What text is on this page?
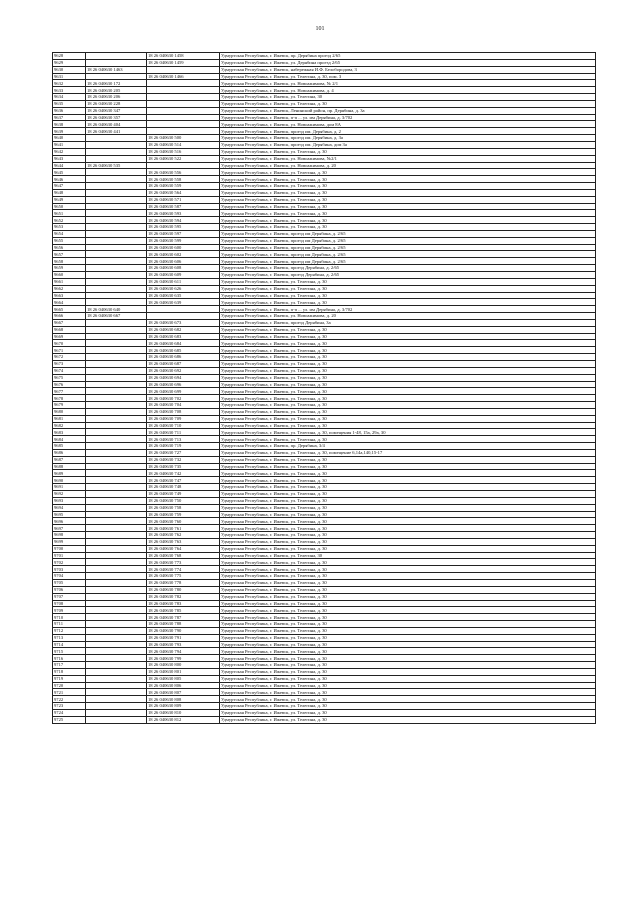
101
9628		18 26 040630 1458	Удмуртская Республика, г. Ижевск, пр. Дерябина проезд 2/65
9629		18 26 040630 1459	Удмуртская Республика, г. Ижевск, ул. Дерябина проезд 2/65
9630	18 26 040630 1463		Удмуртская Республика, г. Ижевск, набережная И.Ф. Белобородова, 3
9631		18 26 040630 1466	Удмуртская Республика, г. Ижевск, ул. Телегина, д. 30, пом. 3
9632	18 26 040630 172		Удмуртская Республика, г. Ижевск, ул. Новоажимова, № 2/1
9633	18 26 040630 205		Удмуртская Республика, г. Ижевск, ул. Новоажимова, д. 4
9634	18 26 040630 206		Удмуртская Республика, г. Ижевск, ул. Телегина, 30
9635	18 26 040630 228		Удмуртская Республика, г. Ижевск, ул. Телегина, д. 30
9636	18 26 040630 347		Удмуртская Республика, г. Ижевск, Ленинский район, пр. Дерябина, д. 3а
9637	18 26 040630 357		Удмуртская Республика, г. Ижевск, п-п ... ул. им Дерябина, д. 3/702
9638	18 26 040630 404		Удмуртская Республика, г. Ижевск, ул. Новоажимова, дом 8А
9639	18 26 040630 441		Удмуртская Республика, г. Ижевск, проезд им. Дерябина, д. 2
9640		18 26 040630 500	Удмуртская Республика, г. Ижевск, проезд им. Дерябина, д. 3а
9641		18 26 040630 514	Удмуртская Республика, г. Ижевск, проезд им. Дерябина, дом 3а
9642		18 26 040630 516	Удмуртская Республика, г. Ижевск, ул. Телегина, д. 30
9643		18 26 040630 522	Удмуртская Республика, г. Ижевск, ул. Новоажимова, №2/1
9644	18 26 040630 535		Удмуртская Республика, г. Ижевск, ул. Новоажимова, д. 20
9645		18 26 040630 556	Удмуртская Республика, г. Ижевск, ул. Телегина, д. 30
9646		18 26 040630 558	Удмуртская Республика, г. Ижевск, ул. Телегина, д. 30
9647		18 26 040630 559	Удмуртская Республика, г. Ижевск, ул. Телегина, д. 30
9648		18 26 040630 564	Удмуртская Республика, г. Ижевск, ул. Телегина, д. 30
9649		18 26 040630 571	Удмуртская Республика, г. Ижевск, ул. Телегина, д. 30
9650		18 26 040630 587	Удмуртская Республика, г. Ижевск, ул. Телегина, д. 30
9651		18 26 040630 593	Удмуртская Республика, г. Ижевск, ул. Телегина, д. 30
9652		18 26 040630 594	Удмуртская Республика, г. Ижевск, ул. Телегина, д. 30
9653		18 26 040630 595	Удмуртская Республика, г. Ижевск, ул. Телегина, д. 30
9654		18 26 040630 597	Удмуртская Республика, г. Ижевск, проезд им Дерябина, д. 2/65
9655		18 26 040630 599	Удмуртская Республика, г. Ижевск, проезд им Дерябина, д. 2/65
9656		18 26 040630 600	Удмуртская Республика, г. Ижевск, проезд им Дерябина, д. 2/65
9657		18 26 040630 602	Удмуртская Республика, г. Ижевск, проезд им Дерябина, д. 2/65
9658		18 26 040630 606	Удмуртская Республика, г. Ижевск, проезд им Дерябина, д. 2/65
9659		18 26 040630 608	Удмуртская Республика, г. Ижевск, проезд Дерябина, д. 2/65
9660		18 26 040630 609	Удмуртская Республика, г. Ижевск, проезд Дерябина, д. 2/65
9661		18 26 040630 611	Удмуртская Республика, г. Ижевск, ул. Телегина, д. 30
9662		18 26 040630 626	Удмуртская Республика, г. Ижевск, ул. Телегина, д. 30
9663		18 26 040630 635	Удмуртская Республика, г. Ижевск, ул. Телегина, д. 30
9664		18 26 040630 639	Удмуртская Республика, г. Ижевск, ул. Телегина, д. 30
9665	18 26 040630 640		Удмуртская Республика, г. Ижевск, п-п ... ул. им Дерябина, д. 3/702
9666	18 26 040630 667		Удмуртская Республика, г. Ижевск, ул. Новоажимова, д. 20
9667		18 26 040630 673	Удмуртская Республика, г. Ижевск, проезд Дерябина, 3а
9668		18 26 040630 682	Удмуртская Республика, г. Ижевск, ул. Телегина, д. 30
9669		18 26 040630 683	Удмуртская Республика, г. Ижевск, ул. Телегина, д. 30
9670		18 26 040630 684	Удмуртская Республика, г. Ижевск, ул. Телегина, д. 30
9671		18 26 040630 685	Удмуртская Республика, г. Ижевск, ул. Телегина, д. 30
9672		18 26 040630 686	Удмуртская Республика, г. Ижевск, ул. Телегина, д. 30
9673		18 26 040630 687	Удмуртская Республика, г. Ижевск, ул. Телегина, д. 30
9674		18 26 040630 692	Удмуртская Республика, г. Ижевск, ул. Телегина, д. 30
9675		18 26 040630 694	Удмуртская Республика, г. Ижевск, ул. Телегина, д. 30
9676		18 26 040630 696	Удмуртская Республика, г. Ижевск, ул. Телегина, д. 30
9677		18 26 040630 699	Удмуртская Республика, г. Ижевск, ул. Телегина, д. 30
9678		18 26 040630 702	Удмуртская Республика, г. Ижевск, ул. Телегина, д. 30
9679		18 26 040630 704	Удмуртская Республика, г. Ижевск, ул. Телегина, д. 30
9680		18 26 040630 708	Удмуртская Республика, г. Ижевск, ул. Телегина, д. 30
9681		18 26 040630 709	Удмуртская Республика, г. Ижевск, ул. Телегина, д. 30
9682		18 26 040630 710	Удмуртская Республика, г. Ижевск, ул. Телегина, д. 30
9683		18 26 040630 711	Удмуртская Республика, г. Ижевск, ул. Телегина, д. 30, помещения 1-48, 15а, 29а, 30
9684		18 26 040630 713	Удмуртская Республика, г. Ижевск, ул. Телегина, д. 30
9685		18 26 040630 719	Удмуртская Республика, г. Ижевск, пр. Дерябина, 3/4
9686		18 26 040630 727	Удмуртская Республика, г. Ижевск, ул. Телегина, д. 30, помещение 6,14а,140,15-17
9687		18 26 040630 732	Удмуртская Республика, г. Ижевск, ул. Телегина, д. 30
9688		18 26 040630 735	Удмуртская Республика, г. Ижевск, ул. Телегина, д. 30
9689		18 26 040630 742	Удмуртская Республика, г. Ижевск, ул. Телегина, д. 30
9690		18 26 040630 747	Удмуртская Республика, г. Ижевск, ул. Телегина, д. 30
9691		18 26 040630 748	Удмуртская Республика, г. Ижевск, ул. Телегина, д. 30
9692		18 26 040630 749	Удмуртская Республика, г. Ижевск, ул. Телегина, д. 30
9693		18 26 040630 750	Удмуртская Республика, г. Ижевск, ул. Телегина, д. 30
9694		18 26 040630 758	Удмуртская Республика, г. Ижевск, ул. Телегина, д. 30
9695		18 26 040630 759	Удмуртская Республика, г. Ижевск, ул. Телегина, д. 30
9696		18 26 040630 760	Удмуртская Республика, г. Ижевск, ул. Телегина, д. 30
9697		18 26 040630 761	Удмуртская Республика, г. Ижевск, ул. Телегина, д. 30
9698		18 26 040630 762	Удмуртская Республика, г. Ижевск, ул. Телегина, д. 30
9699		18 26 040630 763	Удмуртская Республика, г. Ижевск, ул. Телегина, д. 30
9700		18 26 040630 764	Удмуртская Республика, г. Ижевск, ул. Телегина, д. 30
9701		18 26 040630 768	Удмуртская Республика, г. Ижевск, ул. Телегина, 30
9702		18 26 040630 773	Удмуртская Республика, г. Ижевск, ул. Телегина, д. 30
9703		18 26 040630 774	Удмуртская Республика, г. Ижевск, ул. Телегина, д. 30
9704		18 26 040630 775	Удмуртская Республика, г. Ижевск, ул. Телегина, д. 30
9705		18 26 040630 778	Удмуртская Республика, г. Ижевск, ул. Телегина, д. 30
9706		18 26 040630 780	Удмуртская Республика, г. Ижевск, ул. Телегина, д. 30
9707		18 26 040630 782	Удмуртская Республика, г. Ижевск, ул. Телегина, д. 30
9708		18 26 040630 783	Удмуртская Республика, г. Ижевск, ул. Телегина, д. 30
9709		18 26 040630 785	Удмуртская Республика, г. Ижевск, ул. Телегина, д. 30
9710		18 26 040630 787	Удмуртская Республика, г. Ижевск, ул. Телегина, д. 30
9711		18 26 040630 788	Удмуртская Республика, г. Ижевск, ул. Телегина, д. 30
9712		18 26 040630 790	Удмуртская Республика, г. Ижевск, ул. Телегина, д. 30
9713		18 26 040630 791	Удмуртская Республика, г. Ижевск, ул. Телегина, д. 30
9714		18 26 040630 793	Удмуртская Республика, г. Ижевск, ул. Телегина, д. 30
9715		18 26 040630 794	Удмуртская Республика, г. Ижевск, ул. Телегина, д. 30
9716		18 26 040630 799	Удмуртская Республика, г. Ижевск, ул. Телегина, д. 30
9717		18 26 040630 800	Удмуртская Республика, г. Ижевск, ул. Телегина, д. 30
9718		18 26 040630 801	Удмуртская Республика, г. Ижевск, ул. Телегина, д. 30
9719		18 26 040630 805	Удмуртская Республика, г. Ижевск, ул. Телегина, д. 30
9720		18 26 040630 806	Удмуртская Республика, г. Ижевск, ул. Телегина, д. 30
9721		18 26 040630 807	Удмуртская Республика, г. Ижевск, ул. Телегина, д. 30
9722		18 26 040630 808	Удмуртская Республика, г. Ижевск, ул. Телегина, д. 30
9723		18 26 040630 809	Удмуртская Республика, г. Ижевск, ул. Телегина, д. 30
9724		18 26 040630 810	Удмуртская Республика, г. Ижевск, ул. Телегина, д. 30
9725		18 26 040630 812	Удмуртская Республика, г. Ижевск, ул. Телегина, д. 30
